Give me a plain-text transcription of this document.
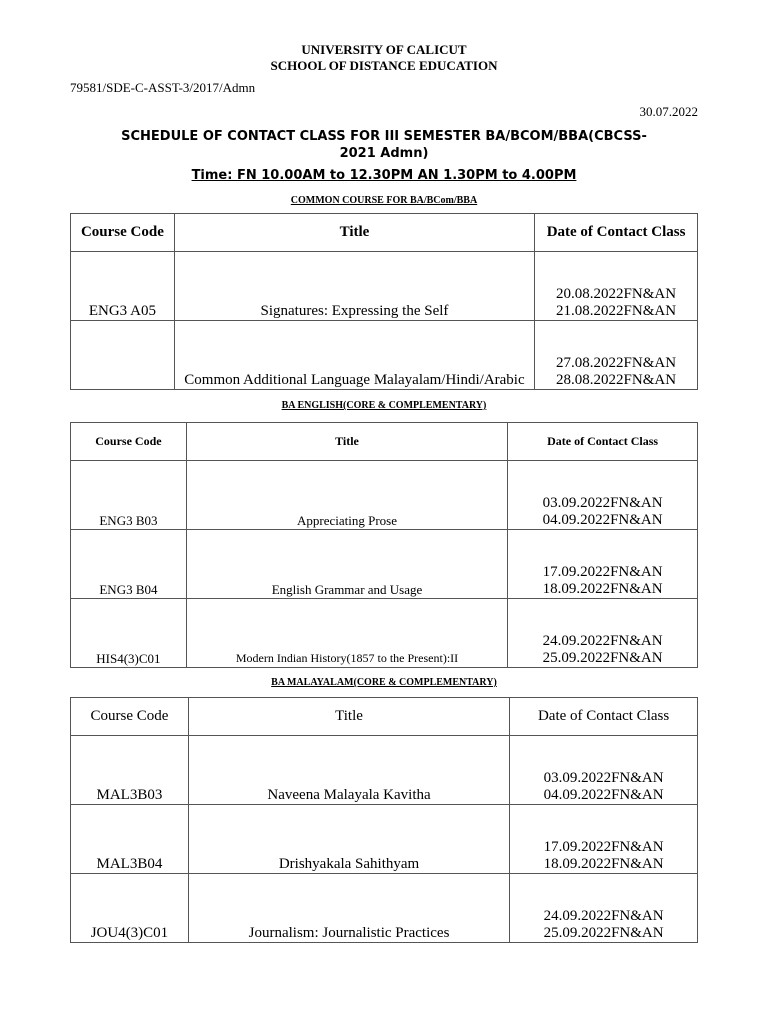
UNIVERSITY OF CALICUT
SCHOOL OF DISTANCE EDUCATION
79581/SDE-C-ASST-3/2017/Admn
30.07.2022
SCHEDULE OF CONTACT CLASS FOR III SEMESTER BA/BCOM/BBA(CBCSS-2021 Admn)
Time: FN 10.00AM to 12.30PM AN 1.30PM to 4.00PM
COMMON COURSE FOR BA/BCom/BBA
Course Code	Title	Date of Contact Class
ENG3 A05	Signatures: Expressing the Self	20.08.2022FN&AN
21.08.2022FN&AN

	Common Additional Language Malayalam/Hindi/Arabic	27.08.2022FN&AN
28.08.2022FN&AN
BA ENGLISH(CORE & COMPLEMENTARY)
Course Code	Title	Date of Contact Class
ENG3 B03	Appreciating Prose	03.09.2022FN&AN
04.09.2022FN&AN

ENG3 B04	English Grammar and Usage	17.09.2022FN&AN
18.09.2022FN&AN

HIS4(3)C01	Modern Indian History(1857 to the Present):II	24.09.2022FN&AN
25.09.2022FN&AN
BA MALAYALAM(CORE & COMPLEMENTARY)
Course Code	Title	Date of Contact Class
MAL3B03	Naveena Malayala Kavitha	03.09.2022FN&AN
04.09.2022FN&AN

MAL3B04	Drishyakala Sahithyam	17.09.2022FN&AN
18.09.2022FN&AN

JOU4(3)C01	Journalism: Journalistic Practices	24.09.2022FN&AN
25.09.2022FN&AN
